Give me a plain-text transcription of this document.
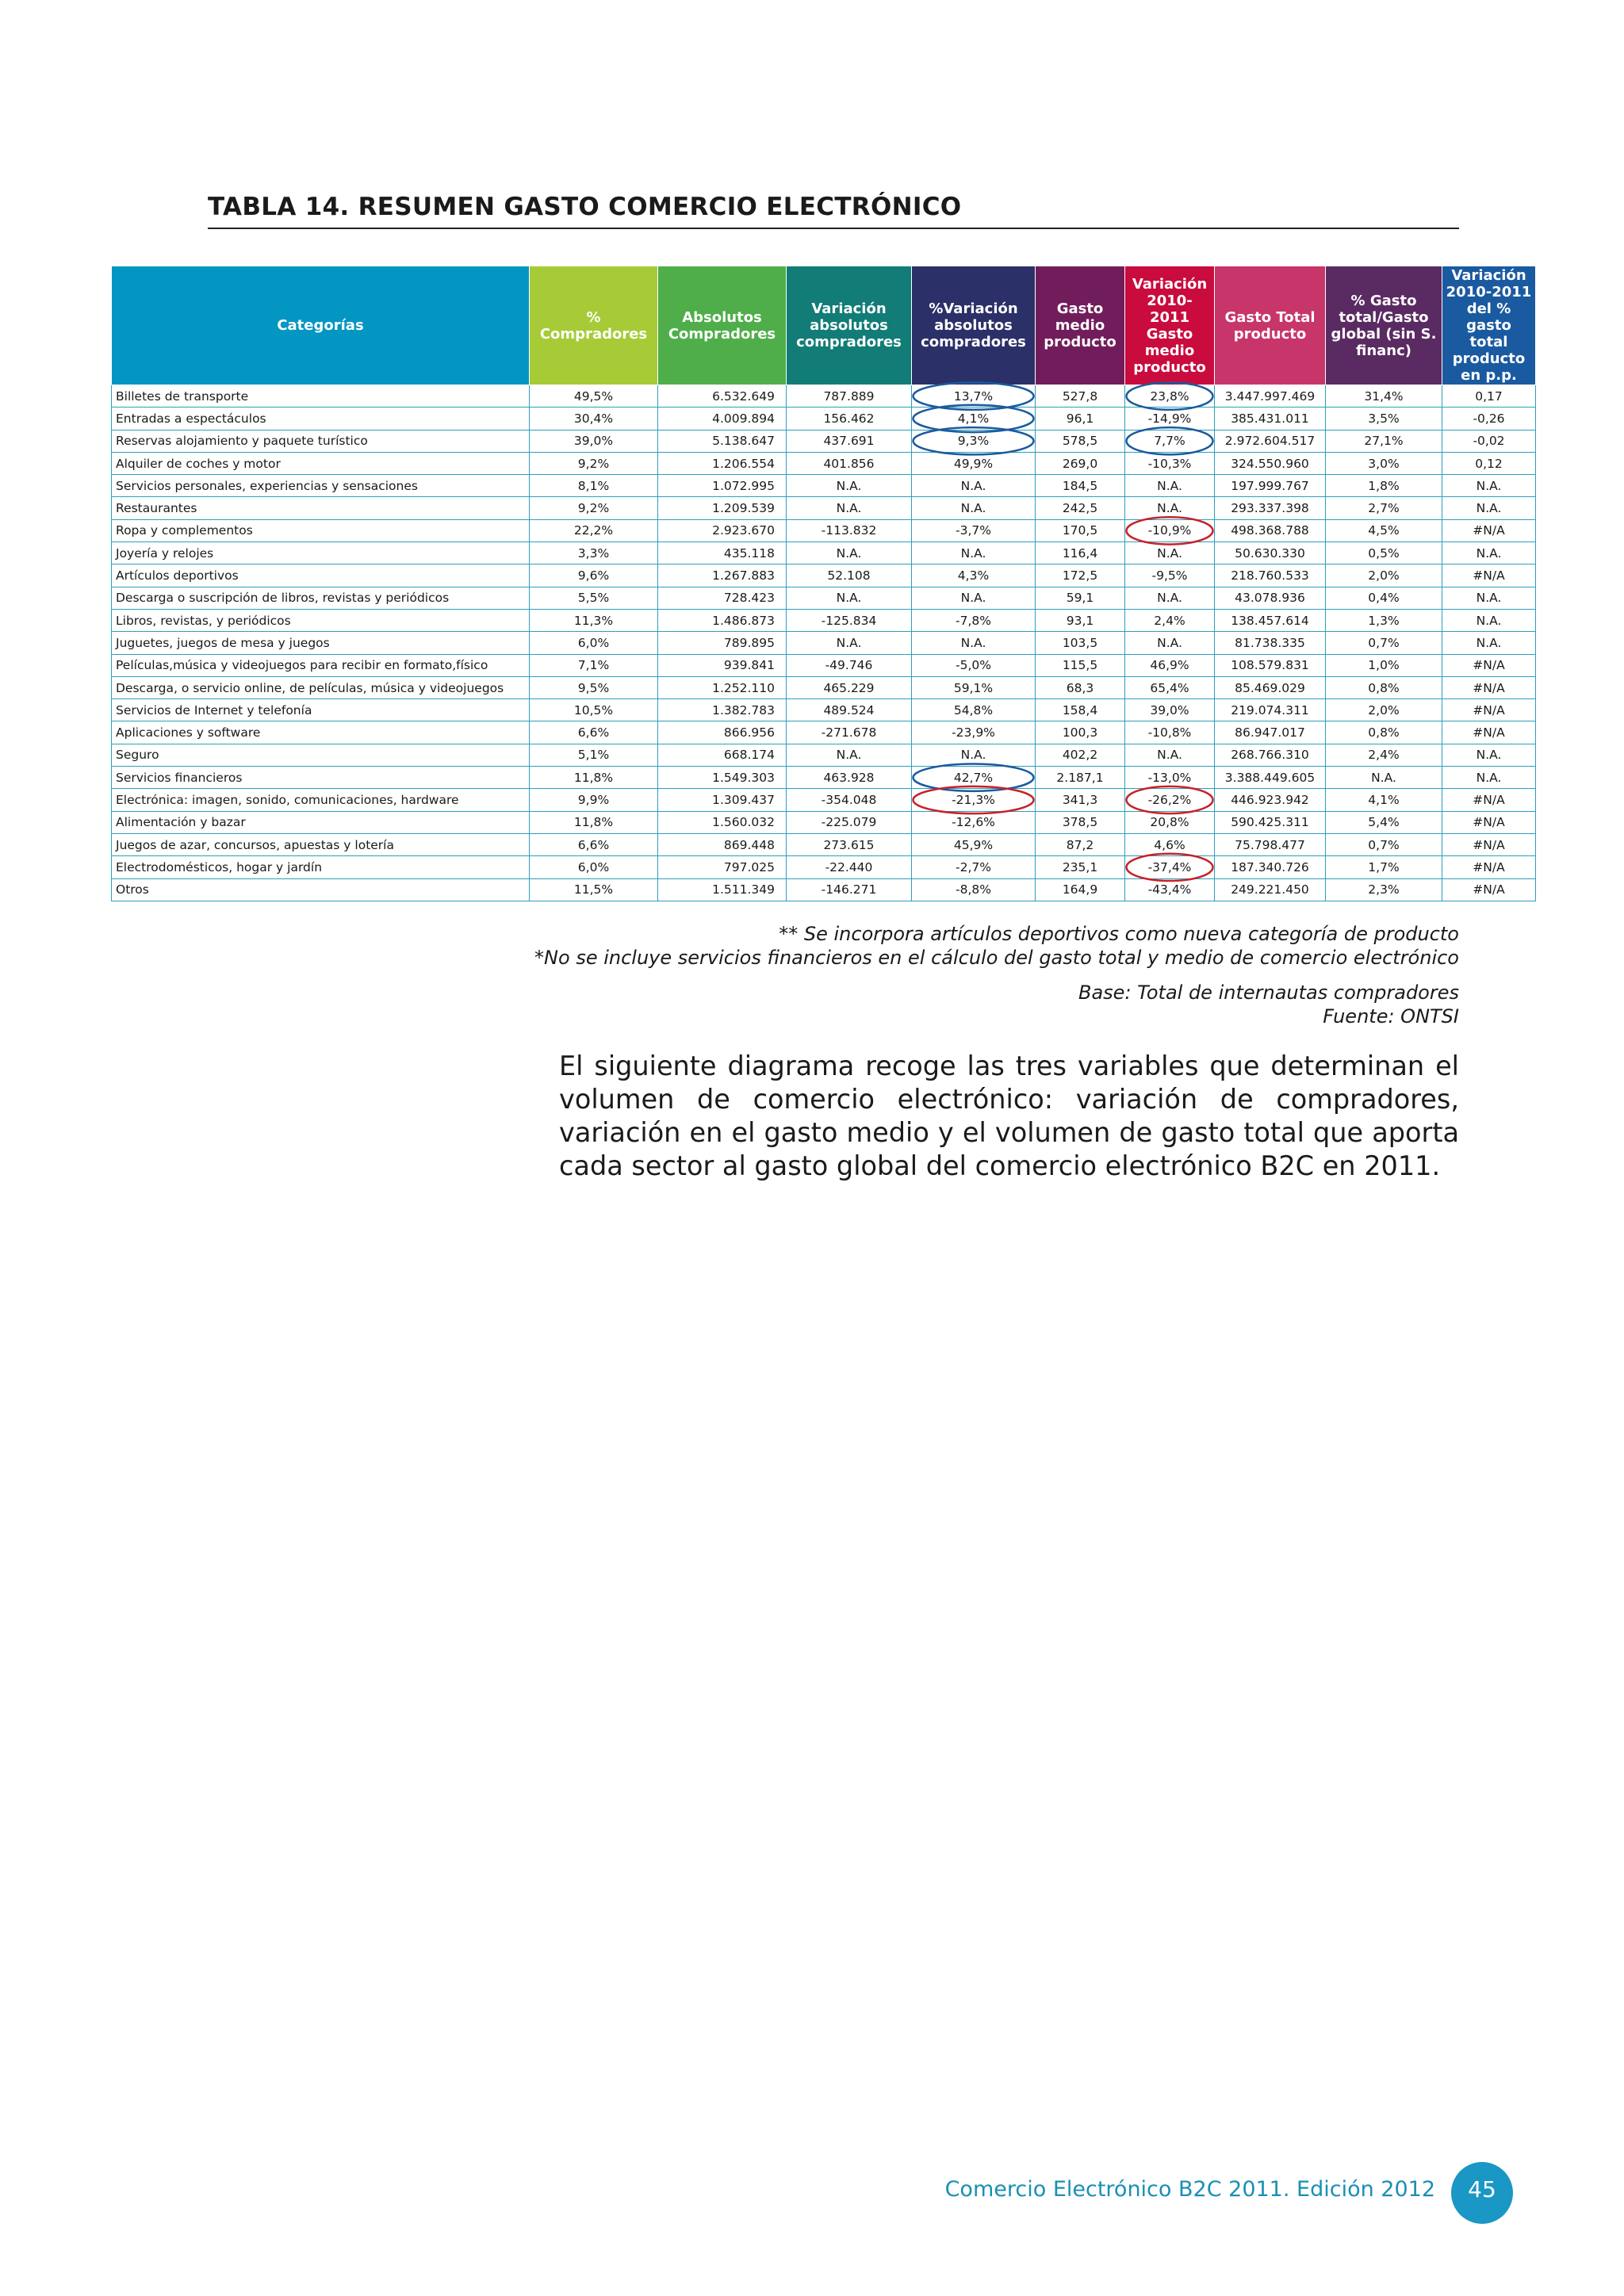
TABLA 14. RESUMEN GASTO COMERCIO ELECTRÓNICO
Categorías	% Compradores	Absolutos Compradores	Variación absolutos compradores	%Variación absolutos compradores	Gasto medio producto	Variación 2010-2011 Gasto medio producto	Gasto Total producto	% Gasto total/Gasto global (sin S. financ)	Variación 2010-2011 del % gasto total producto en p.p.
Billetes de transporte	49,5%	6.532.649	787.889	13,7%	527,8	23,8%	3.447.997.469	31,4%	0,17
Entradas a espectáculos	30,4%	4.009.894	156.462	4,1%	96,1	-14,9%	385.431.011	3,5%	-0,26
Reservas alojamiento y paquete turístico	39,0%	5.138.647	437.691	9,3%	578,5	7,7%	2.972.604.517	27,1%	-0,02
Alquiler de coches y motor	9,2%	1.206.554	401.856	49,9%	269,0	-10,3%	324.550.960	3,0%	0,12
Servicios personales, experiencias y sensaciones	8,1%	1.072.995	N.A.	N.A.	184,5	N.A.	197.999.767	1,8%	N.A.
Restaurantes	9,2%	1.209.539	N.A.	N.A.	242,5	N.A.	293.337.398	2,7%	N.A.
Ropa y complementos	22,2%	2.923.670	-113.832	-3,7%	170,5	-10,9%	498.368.788	4,5%	#N/A
Joyería y relojes	3,3%	435.118	N.A.	N.A.	116,4	N.A.	50.630.330	0,5%	N.A.
Artículos deportivos	9,6%	1.267.883	52.108	4,3%	172,5	-9,5%	218.760.533	2,0%	#N/A
Descarga o suscripción de libros, revistas y periódicos	5,5%	728.423	N.A.	N.A.	59,1	N.A.	43.078.936	0,4%	N.A.
Libros, revistas, y periódicos	11,3%	1.486.873	-125.834	-7,8%	93,1	2,4%	138.457.614	1,3%	N.A.
Juguetes, juegos de mesa y juegos	6,0%	789.895	N.A.	N.A.	103,5	N.A.	81.738.335	0,7%	N.A.
Películas,música y videojuegos para recibir en formato,físico	7,1%	939.841	-49.746	-5,0%	115,5	46,9%	108.579.831	1,0%	#N/A
Descarga, o servicio online, de películas, música y videojuegos	9,5%	1.252.110	465.229	59,1%	68,3	65,4%	85.469.029	0,8%	#N/A
Servicios de Internet y telefonía	10,5%	1.382.783	489.524	54,8%	158,4	39,0%	219.074.311	2,0%	#N/A
Aplicaciones y software	6,6%	866.956	-271.678	-23,9%	100,3	-10,8%	86.947.017	0,8%	#N/A
Seguro	5,1%	668.174	N.A.	N.A.	402,2	N.A.	268.766.310	2,4%	N.A.
Servicios financieros	11,8%	1.549.303	463.928	42,7%	2.187,1	-13,0%	3.388.449.605	N.A.	N.A.
Electrónica: imagen, sonido, comunicaciones, hardware	9,9%	1.309.437	-354.048	-21,3%	341,3	-26,2%	446.923.942	4,1%	#N/A
Alimentación y bazar	11,8%	1.560.032	-225.079	-12,6%	378,5	20,8%	590.425.311	5,4%	#N/A
Juegos de azar, concursos, apuestas y lotería	6,6%	869.448	273.615	45,9%	87,2	4,6%	75.798.477	0,7%	#N/A
Electrodomésticos, hogar y jardín	6,0%	797.025	-22.440	-2,7%	235,1	-37,4%	187.340.726	1,7%	#N/A
Otros	11,5%	1.511.349	-146.271	-8,8%	164,9	-43,4%	249.221.450	2,3%	#N/A
** Se incorpora artículos deportivos como nueva categoría de producto
*No se incluye servicios financieros en el cálculo del gasto total y medio de comercio electrónico
Base: Total de internautas compradores
Fuente: ONTSI
El siguiente diagrama recoge las tres variables que determinan el volumen de comercio electrónico: variación de compradores, variación en el gasto medio y el volumen de gasto total que aporta cada sector al gasto global del comercio electrónico B2C en 2011.
Comercio Electrónico B2C 2011. Edición 2012	45
